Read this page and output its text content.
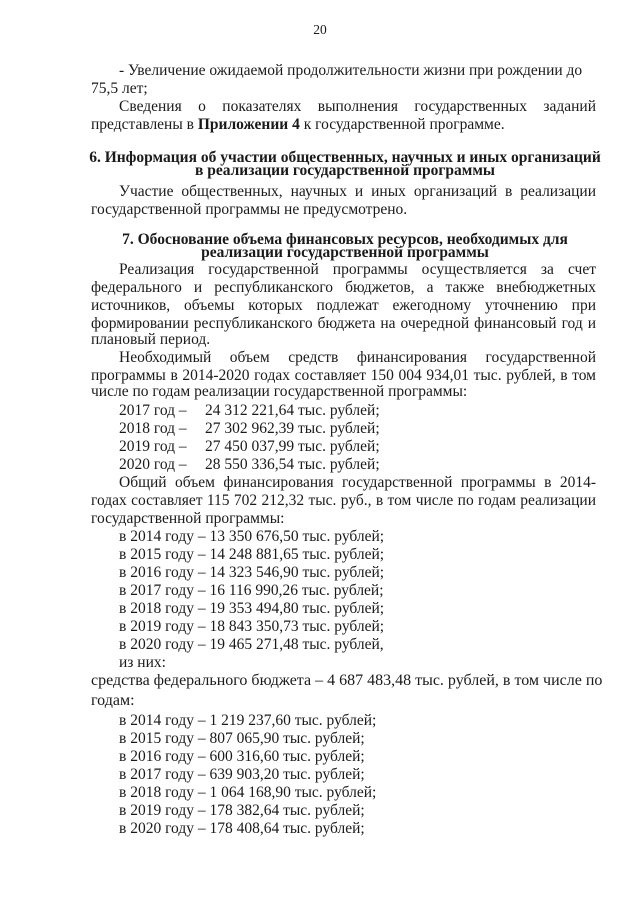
20
- Увеличение ожидаемой продолжительности жизни при рождении до
75,5 лет;
Сведения о показателях выполнения государственных заданий
представлены в Приложении 4 к государственной программе.
6. Информация об участии общественных, научных и иных организаций
в реализации государственной программы
Участие общественных, научных и иных организаций в реализации
государственной программы не предусмотрено.
7. Обоснование объема финансовых ресурсов, необходимых для
реализации государственной программы
Реализация государственной программы осуществляется за счет
федерального и республиканского бюджетов, а также внебюджетных
источников, объемы которых подлежат ежегодному уточнению при
формировании республиканского бюджета на очередной финансовый год и
плановый период.
Необходимый объем средств финансирования государственной
программы в 2014-2020 годах составляет 150 004 934,01 тыс. рублей, в том
числе по годам реализации государственной программы:
2017 год – 24 312 221,64 тыс. рублей;
2018 год – 27 302 962,39 тыс. рублей;
2019 год – 27 450 037,99 тыс. рублей;
2020 год – 28 550 336,54 тыс. рублей;
Общий объем финансирования государственной программы в 2014-
годах составляет 115 702 212,32 тыс. руб., в том числе по годам реализации
государственной программы:
в 2014 году – 13 350 676,50 тыс. рублей;
в 2015 году – 14 248 881,65 тыс. рублей;
в 2016 году – 14 323 546,90 тыс. рублей;
в 2017 году – 16 116 990,26 тыс. рублей;
в 2018 году – 19 353 494,80 тыс. рублей;
в 2019 году – 18 843 350,73 тыс. рублей;
в 2020 году – 19 465 271,48 тыс. рублей,
из них:
средства федерального бюджета – 4 687 483,48 тыс. рублей, в том числе по
годам:
в 2014 году – 1 219 237,60 тыс. рублей;
в 2015 году – 807 065,90 тыс. рублей;
в 2016 году – 600 316,60 тыс. рублей;
в 2017 году – 639 903,20 тыс. рублей;
в 2018 году – 1 064 168,90 тыс. рублей;
в 2019 году – 178 382,64 тыс. рублей;
в 2020 году – 178 408,64 тыс. рублей;
